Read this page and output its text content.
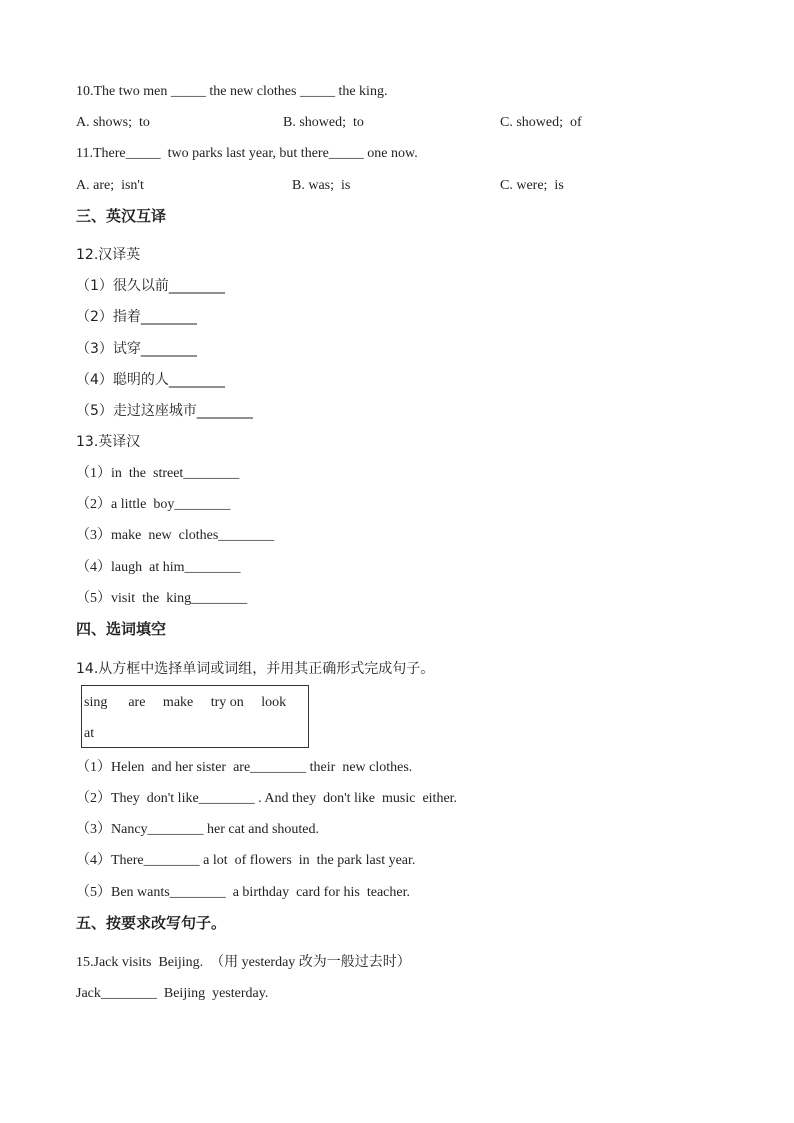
10.The two men _____ the new clothes _____ the king.
A. shows;  to	B. showed;  to	C. showed;  of
11.There_____  two parks last year, but there_____ one now.
A. are;  isn't	B. was;  is	C. were;  is
三、英汉互译
12.汉译英
（1）很久以前________
（2）指着________
（3）试穿________
（4）聪明的人________
（5）走过这座城市________
13.英译汉
（1）in  the  street________
（2）a little  boy________
（3）make  new  clothes________
（4）laugh  at him________
（5）visit  the  king________
四、选词填空
14.从方框中选择单词或词组，并用其正确形式完成句子。
sing      are     make     try on     look
at
（1）Helen  and her sister  are________ their  new clothes.
（2）They  don't like________ . And they  don't like  music  either.
（3）Nancy________ her cat and shouted.
（4）There________ a lot  of flowers  in  the park last year.
（5）Ben wants________  a birthday  card for his  teacher.
五、按要求改写句子。
15.Jack visits  Beijing.  （用 yesterday 改为一般过去时）
Jack________  Beijing  yesterday.
